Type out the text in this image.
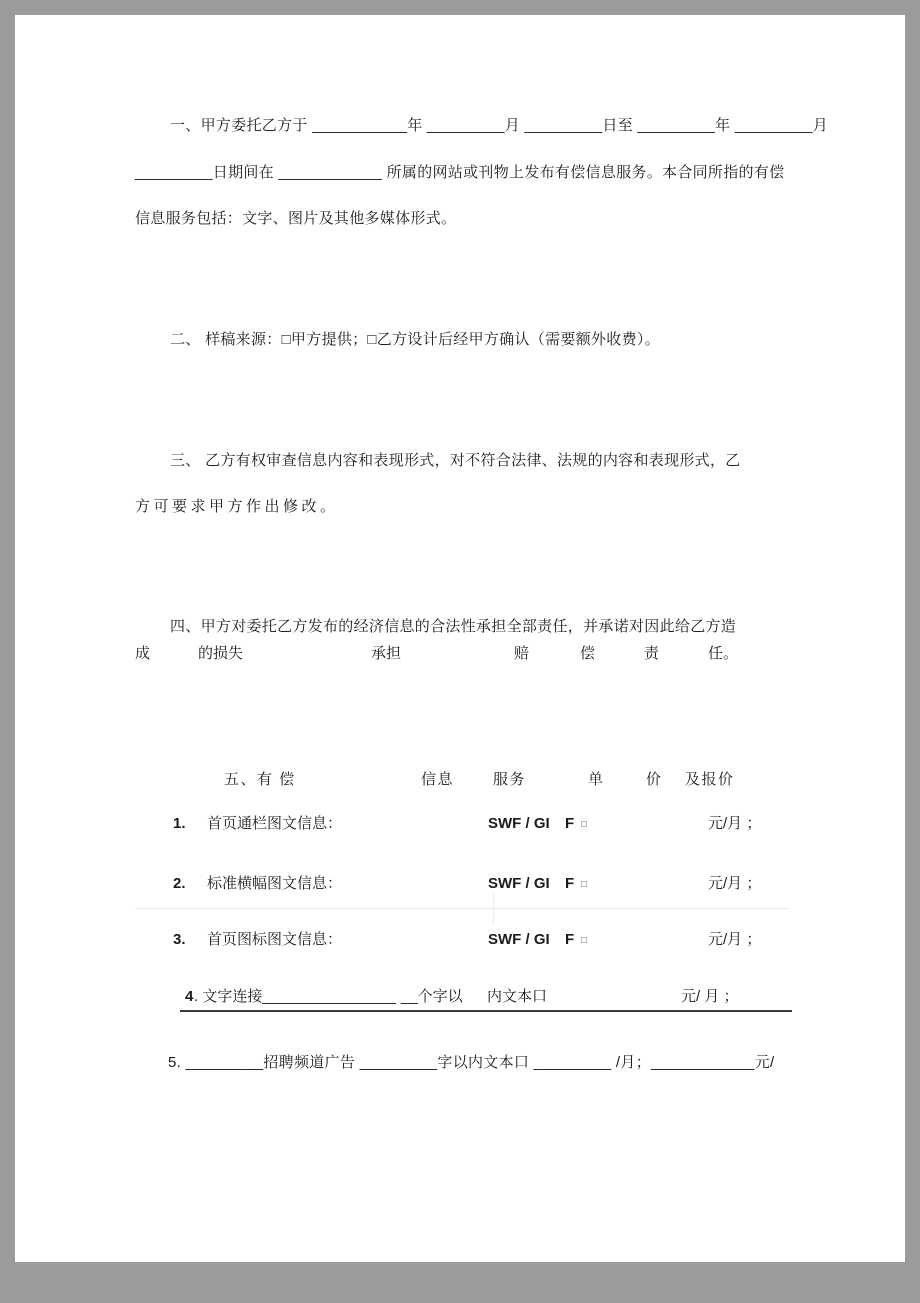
一、甲方委托乙方于 ___________年 _________月 _________日至 _________年 _________月
_________日期间在 ____________ 所属的网站或刊物上发布有偿信息服务。本合同所指的有偿
信息服务包括：文字、图片及其他多媒体形式。
二、 样稿来源：□甲方提供；□乙方设计后经甲方确认（需要额外收费）。
三、 乙方有权审查信息内容和表现形式，对不符合法律、法规的内容和表现形式，乙
方可要求甲方作出修改。
四、甲方对委托乙方发布的经济信息的合法性承担全部责任，并承诺对因此给乙方造
成	的损失	承担	赔	偿	责	任。
五、有 偿	信息	服务	单	价 及报价
1. 首页通栏图文信息：	SWF / GI F □	元/月 ；
2. 标准横幅图文信息：	SWF / GI F □	元/月 ；
3. 首页图标图文信息：	SWF / GI F □	元/月 ；
4 . 文字连接________________ __个字以 内文本口	元/ 月 ；
5. _________招聘频道广告 _________字以内文本口 _________ /月；____________元/
